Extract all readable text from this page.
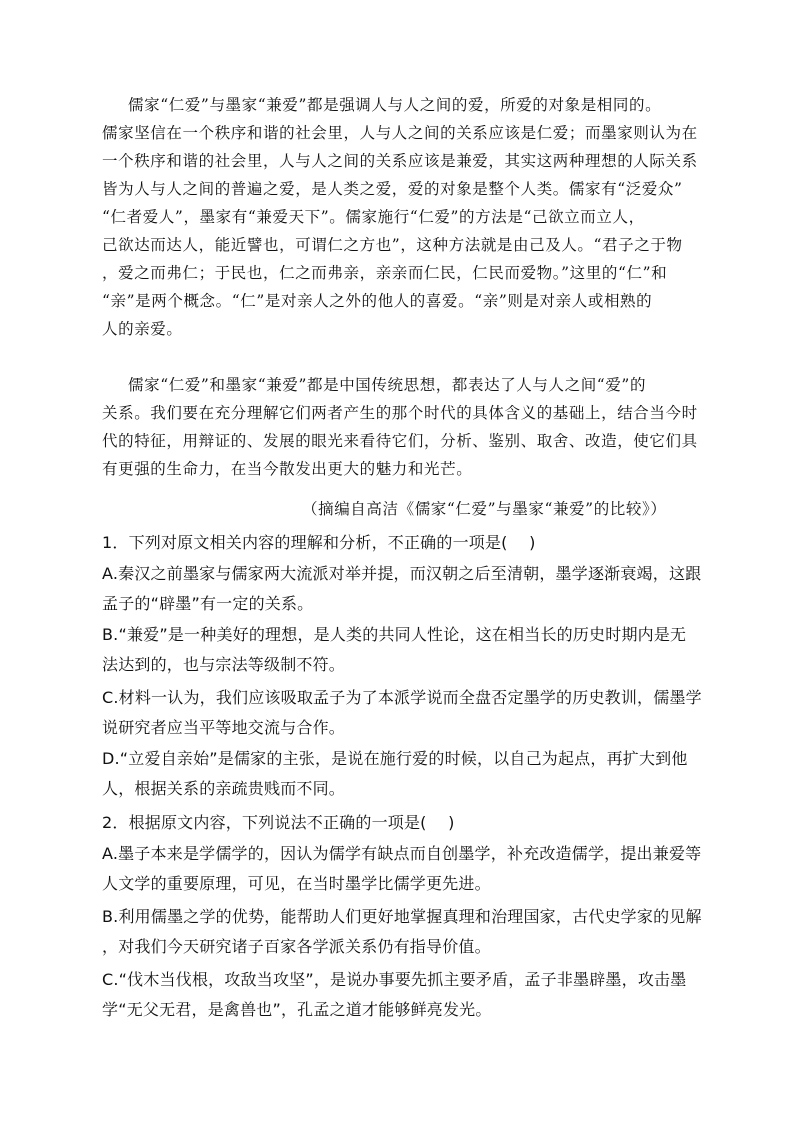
儒家“仁爱”与墨家“兼爱”都是强调人与人之间的爱，所爱的对象是相同的。
儒家坚信在一个秩序和谐的社会里，人与人之间的关系应该是仁爱；而墨家则认为在
一个秩序和谐的社会里，人与人之间的关系应该是兼爱，其实这两种理想的人际关系
皆为人与人之间的普遍之爱，是人类之爱，爱的对象是整个人类。儒家有“泛爱众”
“仁者爱人”，墨家有“兼爱天下”。儒家施行“仁爱”的方法是“己欲立而立人，
己欲达而达人，能近譬也，可谓仁之方也”，这种方法就是由己及人。“君子之于物
，爱之而弗仁；于民也，仁之而弗亲，亲亲而仁民，仁民而爱物。”这里的“仁”和
“亲”是两个概念。“仁”是对亲人之外的他人的喜爱。“亲”则是对亲人或相熟的
人的亲爱。
儒家“仁爱”和墨家“兼爱”都是中国传统思想，都表达了人与人之间“爱”的
关系。我们要在充分理解它们两者产生的那个时代的具体含义的基础上，结合当今时
代的特征，用辩证的、发展的眼光来看待它们，分析、鉴别、取舍、改造，使它们具
有更强的生命力，在当今散发出更大的魅力和光芒。
（摘编自高洁《儒家“仁爱”与墨家“兼爱”的比较》）
1．下列对原文相关内容的理解和分析，不正确的一项是(　 )
A.秦汉之前墨家与儒家两大流派对举并提，而汉朝之后至清朝，墨学逐渐衰竭，这跟
孟子的“辟墨”有一定的关系。
B.“兼爱”是一种美好的理想，是人类的共同人性论，这在相当长的历史时期内是无
法达到的，也与宗法等级制不符。
C.材料一认为，我们应该吸取孟子为了本派学说而全盘否定墨学的历史教训，儒墨学
说研究者应当平等地交流与合作。
D.“立爱自亲始”是儒家的主张，是说在施行爱的时候，以自己为起点，再扩大到他
人，根据关系的亲疏贵贱而不同。
2．根据原文内容，下列说法不正确的一项是(　 )
A.墨子本来是学儒学的，因认为儒学有缺点而自创墨学，补充改造儒学，提出兼爱等
人文学的重要原理，可见，在当时墨学比儒学更先进。
B.利用儒墨之学的优势，能帮助人们更好地掌握真理和治理国家，古代史学家的见解
，对我们今天研究诸子百家各学派关系仍有指导价值。
C.“伐木当伐根，攻敌当攻坚”，是说办事要先抓主要矛盾，孟子非墨辟墨，攻击墨
学“无父无君，是禽兽也”，孔孟之道才能够鲜亮发光。
